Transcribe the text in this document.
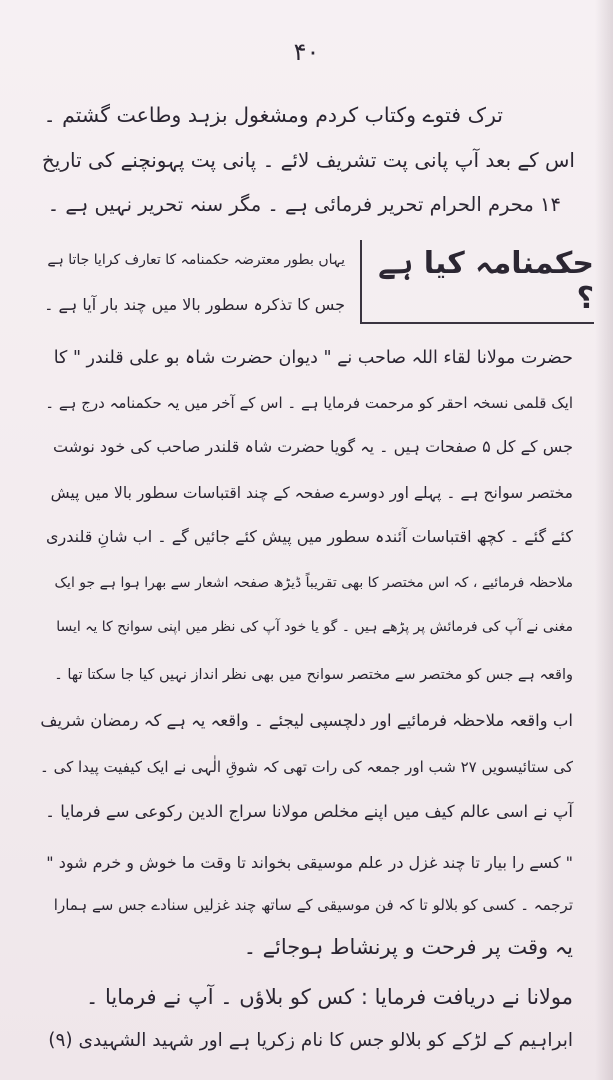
۴۰
ترک فتوے وکتاب کردم ومشغول بزہد وطاعت گشتم ۔
اس کے بعد آپ پانی پت تشریف لائے ۔ پانی پت پہونچنے کی تاریخ
۱۴ محرم الحرام تحریر فرمائی ہے ۔ مگر سنہ تحریر نہیں ہے ۔
حکمنامہ کیا ہے ؟
یہاں بطور معترضہ حکمنامہ کا تعارف کرایا جاتا ہے
جس کا تذکرہ سطور بالا میں چند بار آیا ہے ۔
حضرت مولانا لقاء اللہ صاحب نے " دیوان حضرت شاہ بو علی قلندر " کا
ایک قلمی نسخہ احقر کو مرحمت فرمایا ہے ۔ اس کے آخر میں یہ حکمنامہ درج ہے ۔
جس کے کل ۵ صفحات ہیں ۔ یہ گویا حضرت شاہ قلندر صاحب کی خود نوشت
مختصر سوانح ہے ۔ پہلے اور دوسرے صفحہ کے چند اقتباسات سطور بالا میں پیش
کئے گئے ۔ کچھ اقتباسات آئندہ سطور میں پیش کئے جائیں گے ۔ اب شانِ قلندری
ملاحظہ فرمائیے ، کہ اس مختصر کا بھی تقریباً ڈیڑھ صفحہ اشعار سے بھرا ہوا ہے جو ایک
مغنی نے آپ کی فرمائش پر پڑھے ہیں ۔ گو یا خود آپ کی نظر میں اپنی سوانح کا یہ ایسا
واقعہ ہے جس کو مختصر سے مختصر سوانح میں بھی نظر انداز نہیں کیا جا سکتا تھا ۔
اب واقعہ ملاحظہ فرمائیے اور دلچسپی لیجئے ۔ واقعہ یہ ہے کہ رمضان شریف
کی ستائیسویں ۲۷ شب اور جمعہ کی رات تھی کہ شوقِ الٰہی نے ایک کیفیت پیدا کی ۔
آپ نے اسی عالم کیف میں اپنے مخلص مولانا سراج الدین رکوعی سے فرمایا ۔
" کسے را بیار تا چند غزل در علم موسیقی بخواند تا وقت ما خوش و خرم شود "
ترجمہ ۔ کسی کو بلالو تا کہ فن موسیقی کے ساتھ چند غزلیں سنادے جس سے ہمارا
یہ وقت پر فرحت و پرنشاط ہوجائے ۔
مولانا نے دریافت فرمایا : کس کو بلاؤں ۔ آپ نے فرمایا ۔
ابراہیم کے لڑکے کو بلالو جس کا نام زکریا ہے اور شہید الشہیدی (۹)
